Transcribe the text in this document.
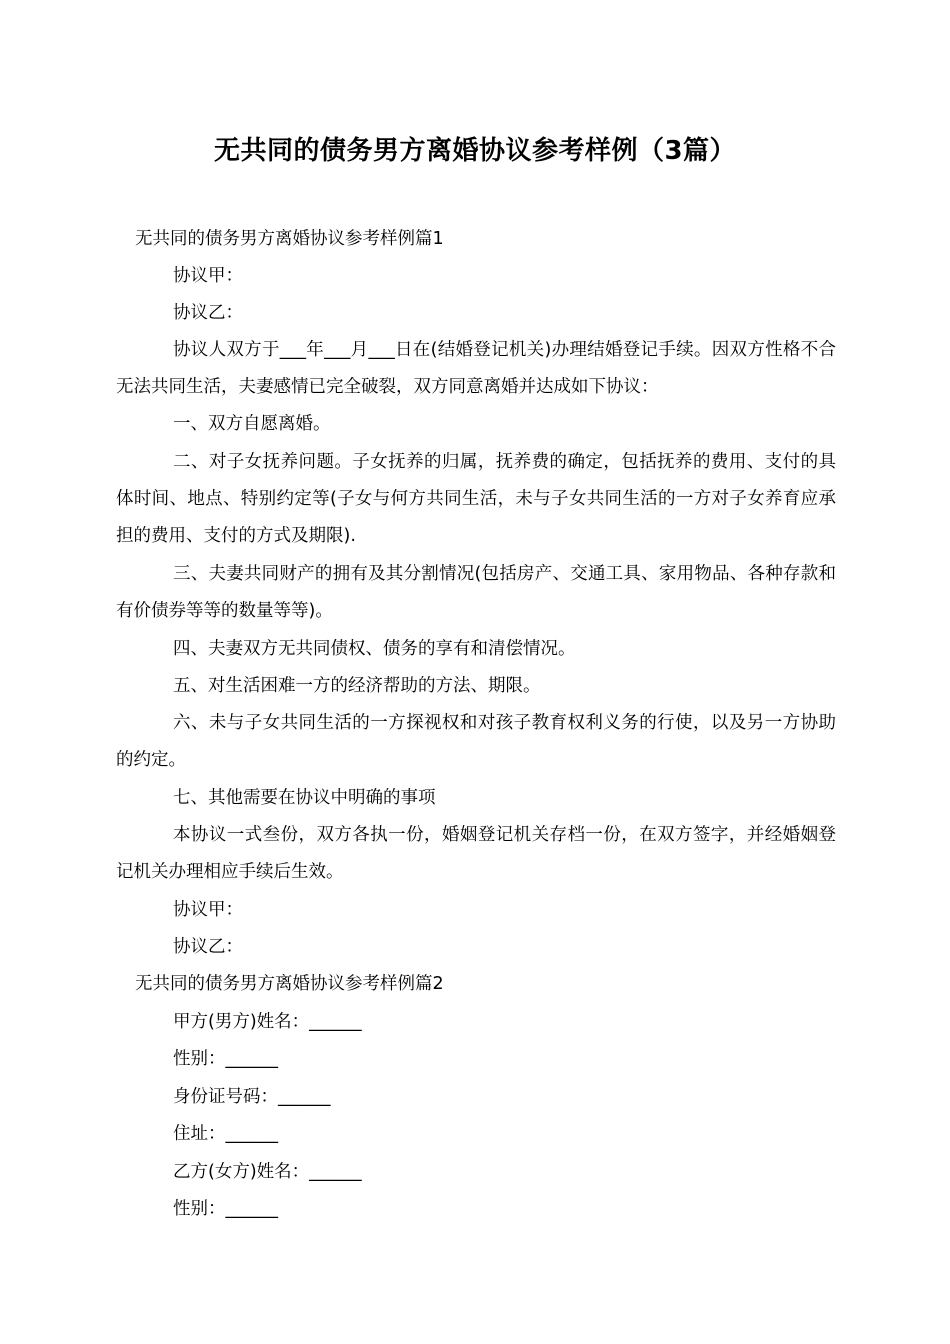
无共同的债务男方离婚协议参考样例（3篇）
无共同的债务男方离婚协议参考样例篇1
协议甲：
协议乙：
协议人双方于___年___月___日在(结婚登记机关)办理结婚登记手续。因双方性格不合无法共同生活，夫妻感情已完全破裂，双方同意离婚并达成如下协议：
一、双方自愿离婚。
二、对子女抚养问题。子女抚养的归属，抚养费的确定，包括抚养的费用、支付的具体时间、地点、特别约定等(子女与何方共同生活，未与子女共同生活的一方对子女养育应承担的费用、支付的方式及期限).
三、夫妻共同财产的拥有及其分割情况(包括房产、交通工具、家用物品、各种存款和有价债券等等的数量等等)。
四、夫妻双方无共同债权、债务的享有和清偿情况。
五、对生活困难一方的经济帮助的方法、期限。
六、未与子女共同生活的一方探视权和对孩子教育权利义务的行使，以及另一方协助的约定。
七、其他需要在协议中明确的事项
本协议一式叁份，双方各执一份，婚姻登记机关存档一份，在双方签字，并经婚姻登记机关办理相应手续后生效。
协议甲：
协议乙：
无共同的债务男方离婚协议参考样例篇2
甲方(男方)姓名：______
性别：______
身份证号码：______
住址：______
乙方(女方)姓名：______
性别：______
